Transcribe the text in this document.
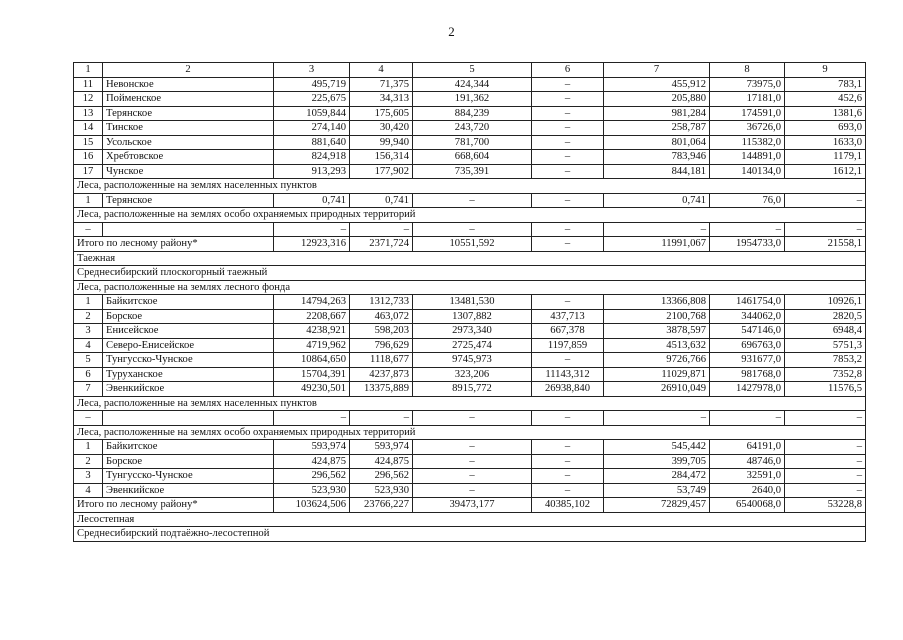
2
1	2	3	4	5	6	7	8	9
11	Невонское	495,719	71,375	424,344	–	455,912	73975,0	783,1
12	Пойменское	225,675	34,313	191,362	–	205,880	17181,0	452,6
13	Терянское	1059,844	175,605	884,239	–	981,284	174591,0	1381,6
14	Тинское	274,140	30,420	243,720	–	258,787	36726,0	693,0
15	Усольское	881,640	99,940	781,700	–	801,064	115382,0	1633,0
16	Хребтовское	824,918	156,314	668,604	–	783,946	144891,0	1179,1
17	Чунское	913,293	177,902	735,391	–	844,181	140134,0	1612,1
Леса, расположенные на землях населенных пунктов								
1	Терянское	0,741	0,741	–	–	0,741	76,0	–
Леса, расположенные на землях особо охраняемых природных территорий								
–		–	–	–	–	–	–	–
Итого по лесному району*		12923,316	2371,724	10551,592	–	11991,067	1954733,0	21558,1
Таежная								
Среднесибирский плоскогорный таежный								
Леса, расположенные на землях лесного фонда								
1	Байкитское	14794,263	1312,733	13481,530	–	13366,808	1461754,0	10926,1
2	Борское	2208,667	463,072	1307,882	437,713	2100,768	344062,0	2820,5
3	Енисейское	4238,921	598,203	2973,340	667,378	3878,597	547146,0	6948,4
4	Северо-Енисейское	4719,962	796,629	2725,474	1197,859	4513,632	696763,0	5751,3
5	Тунгусско-Чунское	10864,650	1118,677	9745,973	–	9726,766	931677,0	7853,2
6	Туруханское	15704,391	4237,873	323,206	11143,312	11029,871	981768,0	7352,8
7	Эвенкийское	49230,501	13375,889	8915,772	26938,840	26910,049	1427978,0	11576,5
Леса, расположенные на землях населенных пунктов								
–		–	–	–	–	–	–	–
Леса, расположенные на землях особо охраняемых природных территорий								
1	Байкитское	593,974	593,974	–	–	545,442	64191,0	–
2	Борское	424,875	424,875	–	–	399,705	48746,0	–
3	Тунгусско-Чунское	296,562	296,562	–	–	284,472	32591,0	–
4	Эвенкийское	523,930	523,930	–	–	53,749	2640,0	–
Итого по лесному району*		103624,506	23766,227	39473,177	40385,102	72829,457	6540068,0	53228,8
Лесостепная								
Среднесибирский подтаёжно-лесостепной								
